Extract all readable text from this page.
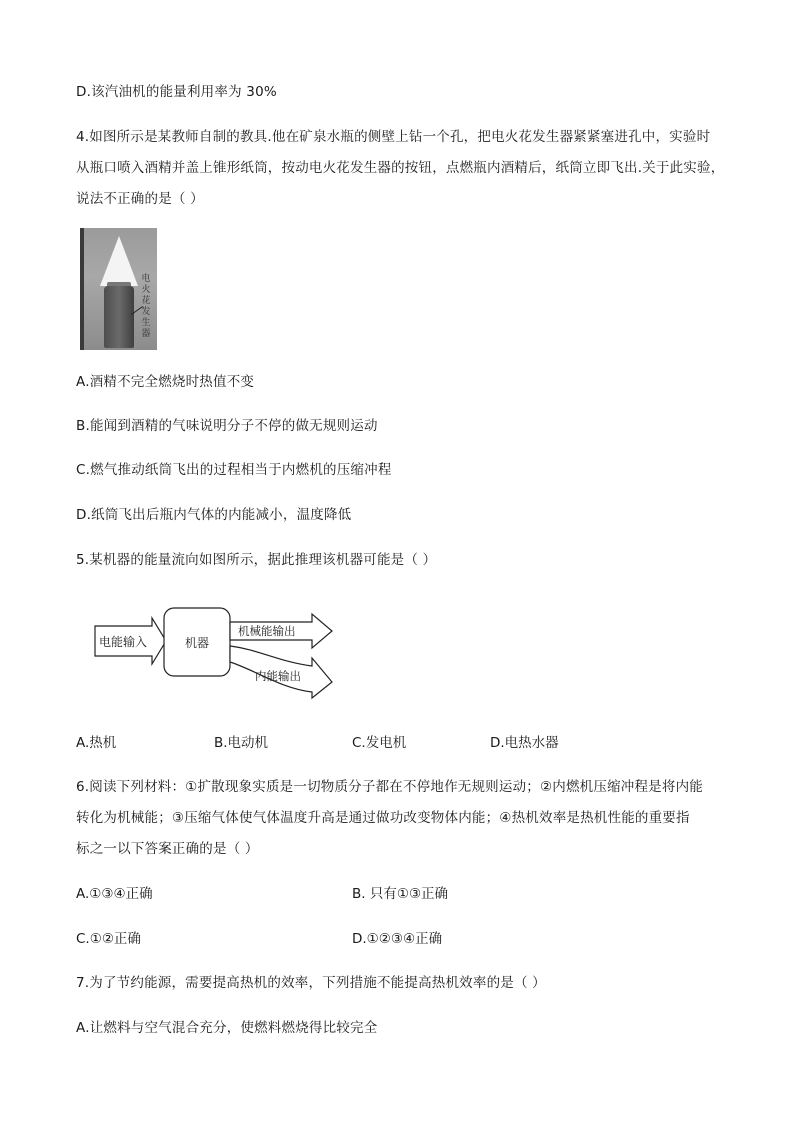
D.该汽油机的能量利用率为 30%
4.如图所示是某教师自制的教具.他在矿泉水瓶的侧壁上钻一个孔，把电火花发生器紧紧塞进孔中，实验时
从瓶口喷入酒精并盖上锥形纸筒，按动电火花发生器的按钮，点燃瓶内酒精后，纸筒立即飞出.关于此实验，
说法不正确的是（ ）
电火花发生器
A.酒精不完全燃烧时热值不变
B.能闻到酒精的气味说明分子不停的做无规则运动
C.燃气推动纸筒飞出的过程相当于内燃机的压缩冲程
D.纸筒飞出后瓶内气体的内能减小，温度降低
5.某机器的能量流向如图所示，据此推理该机器可能是（ ）
电能输入	机器
机械能输出
内能输出
A.热机	B.电动机	C.发电机	D.电热水器
6.阅读下列材料：①扩散现象实质是一切物质分子都在不停地作无规则运动；②内燃机压缩冲程是将内能
转化为机械能；③压缩气体使气体温度升高是通过做功改变物体内能；④热机效率是热机性能的重要指
标之一以下答案正确的是（ ）
A.①③④正确	B. 只有①③正确
C.①②正确	D.①②③④正确
7.为了节约能源，需要提高热机的效率，下列措施不能提高热机效率的是（ ）
A.让燃料与空气混合充分，使燃料燃烧得比较完全
